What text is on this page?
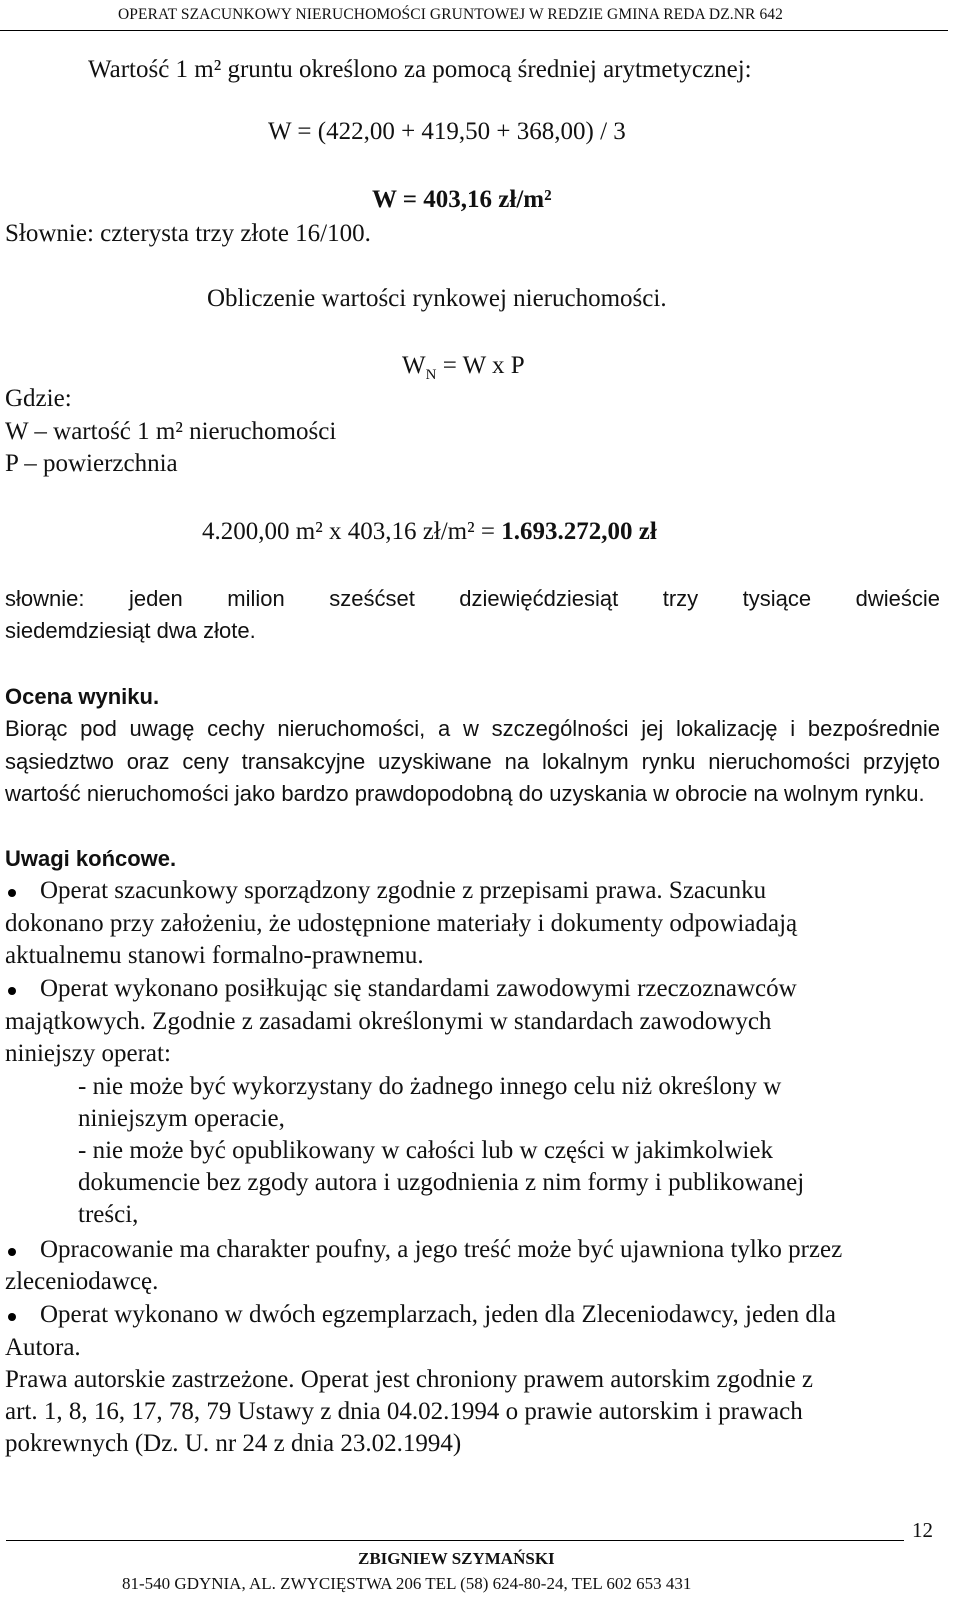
OPERAT SZACUNKOWY NIERUCHOMOŚCI GRUNTOWEJ W REDZIE GMINA REDA DZ.NR 642
Wartość 1 m² gruntu określono za pomocą średniej arytmetycznej:
W = (422,00 + 419,50 + 368,00) / 3
W = 403,16 zł/m²
Słownie: czterysta trzy złote 16/100.
Obliczenie wartości rynkowej nieruchomości.
$W_N = W$ x P
Gdzie:
W – wartość 1 m² nieruchomości
P – powierzchnia
4.200,00 m² x 403,16 zł/m² = 1.693.272,00 zł
słownie: jeden milion sześćset dziewięćdziesiąt trzy tysiące dwieście
siedemdziesiąt dwa złote.
Ocena wyniku.
Biorąc pod uwagę cechy nieruchomości, a w szczególności jej lokalizację i bezpośrednie sąsiedztwo oraz ceny transakcyjne uzyskiwane na lokalnym rynku nieruchomości przyjęto wartość nieruchomości jako bardzo prawdopodobną do uzyskania w obrocie na wolnym rynku.
Uwagi końcowe.
Operat szacunkowy sporządzony zgodnie z przepisami prawa. Szacunku
dokonano przy założeniu, że udostępnione materiały i dokumenty odpowiadają
aktualnemu stanowi formalno-prawnemu.
Operat wykonano posiłkując się standardami zawodowymi rzeczoznawców
majątkowych. Zgodnie z zasadami określonymi w standardach zawodowych
niniejszy operat:
- nie może być wykorzystany do żadnego innego celu niż określony w
niniejszym operacie,
- nie może być opublikowany w całości lub w części w jakimkolwiek
dokumencie bez zgody autora i uzgodnienia z nim formy i publikowanej
treści,
Opracowanie ma charakter poufny, a jego treść może być ujawniona tylko przez
zleceniodawcę.
Operat wykonano w dwóch egzemplarzach, jeden dla Zleceniodawcy, jeden dla
Autora.
Prawa autorskie zastrzeżone. Operat jest chroniony prawem autorskim zgodnie z
art. 1, 8, 16, 17, 78, 79 Ustawy z dnia 04.02.1994 o prawie autorskim i prawach
pokrewnych (Dz. U. nr 24 z dnia 23.02.1994)
12
ZBIGNIEW SZYMAŃSKI
81-540 GDYNIA, AL. ZWYCIĘSTWA 206 TEL (58) 624-80-24, TEL 602 653 431
